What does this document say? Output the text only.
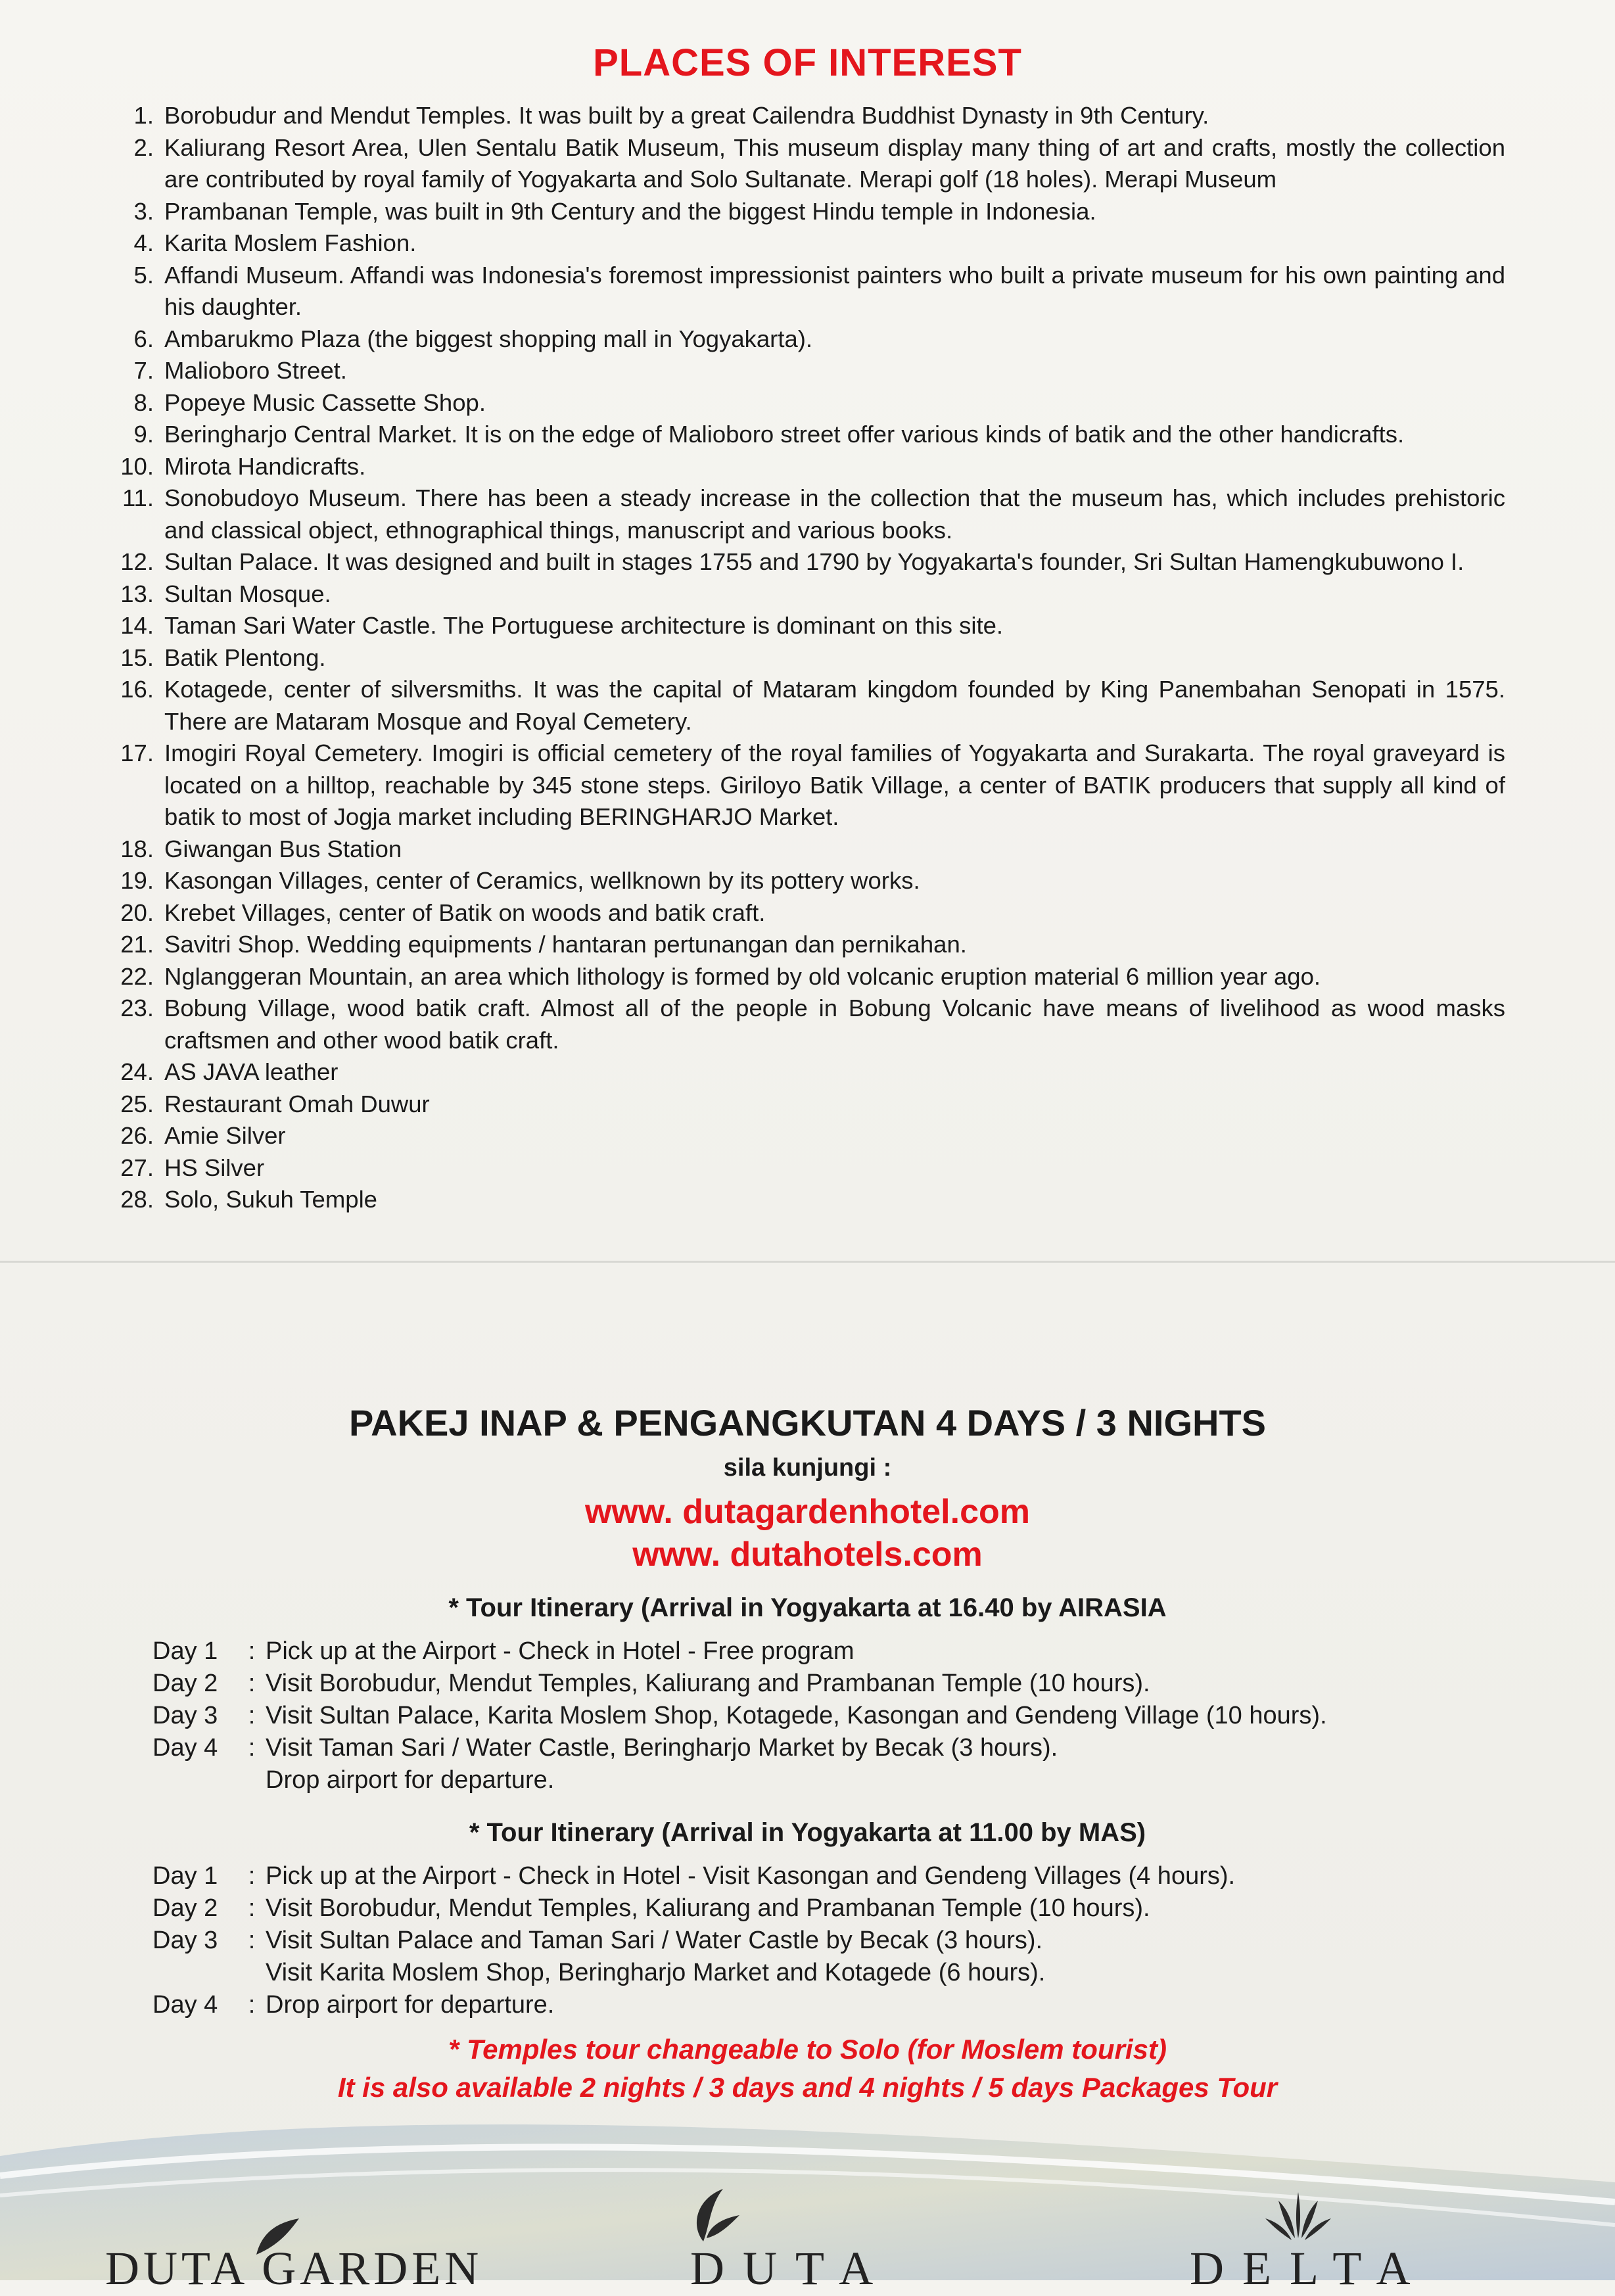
PLACES OF INTEREST
1. Borobudur and Mendut Temples. It was built by a great Cailendra Buddhist Dynasty in 9th Century.
2. Kaliurang Resort Area, Ulen Sentalu Batik Museum, This museum display many thing of art and crafts, mostly the collection are contributed by royal family of Yogyakarta and Solo Sultanate. Merapi golf (18 holes). Merapi Museum
3. Prambanan Temple, was built in 9th Century and the biggest Hindu temple in Indonesia.
4. Karita Moslem Fashion.
5. Affandi Museum. Affandi was Indonesia's foremost impressionist painters who built a private museum for his own painting and his daughter.
6. Ambarukmo Plaza (the biggest shopping mall in Yogyakarta).
7. Malioboro Street.
8. Popeye Music Cassette Shop.
9. Beringharjo Central Market. It is on the edge of Malioboro street offer various kinds of batik and the other handicrafts.
10. Mirota Handicrafts.
11. Sonobudoyo Museum. There has been a steady increase in the collection that the museum has, which includes prehistoric and classical object, ethnographical things, manuscript and various books.
12. Sultan Palace. It was designed and built in stages 1755 and 1790 by Yogyakarta's founder, Sri Sultan Hamengkubuwono I.
13. Sultan Mosque.
14. Taman Sari Water Castle. The Portuguese architecture is dominant on this site.
15. Batik Plentong.
16. Kotagede, center of silversmiths. It was the capital of Mataram kingdom founded by King Panembahan Senopati in 1575. There are Mataram Mosque and Royal Cemetery.
17. Imogiri Royal Cemetery. Imogiri is official cemetery of the royal families of Yogyakarta and Surakarta. The royal graveyard is located on a hilltop, reachable by 345 stone steps. Giriloyo Batik Village, a center of BATIK producers that supply all kind of batik to most of Jogja market including BERINGHARJO Market.
18. Giwangan Bus Station
19. Kasongan Villages, center of Ceramics, wellknown by its pottery works.
20. Krebet Villages, center of Batik on woods and batik craft.
21. Savitri Shop. Wedding equipments / hantaran pertunangan dan pernikahan.
22. Nglanggeran Mountain, an area which lithology is formed by old volcanic eruption material 6 million year ago.
23. Bobung Village, wood batik craft. Almost all of the people in Bobung Volcanic have means of livelihood as wood masks craftsmen and other wood batik craft.
24. AS JAVA leather
25. Restaurant Omah Duwur
26. Amie Silver
27. HS Silver
28. Solo, Sukuh Temple
PAKEJ INAP & PENGANGKUTAN 4 DAYS / 3 NIGHTS
sila kunjungi :
www. dutagardenhotel.com
www. dutahotels.com
* Tour Itinerary (Arrival in Yogyakarta at 16.40 by AIRASIA
Day 1	: Pick up at the Airport - Check in Hotel - Free program
Day 2	: Visit Borobudur, Mendut Temples, Kaliurang and Prambanan Temple (10 hours).
Day 3	: Visit Sultan Palace, Karita Moslem Shop, Kotagede, Kasongan and Gendeng Village (10 hours).
Day 4	: Visit Taman Sari / Water Castle, Beringharjo Market by Becak (3 hours).
Drop airport for departure.
* Tour Itinerary (Arrival in Yogyakarta at 11.00 by MAS)
Day 1	: Pick up at the Airport - Check in Hotel - Visit Kasongan and Gendeng Villages (4 hours).
Day 2	: Visit Borobudur, Mendut Temples, Kaliurang and Prambanan Temple (10 hours).
Day 3	: Visit Sultan Palace and Taman Sari / Water Castle by Becak (3 hours).
Visit Karita Moslem Shop, Beringharjo Market and Kotagede (6 hours).
Day 4	: Drop airport for departure.
* Temples tour changeable to Solo (for Moslem tourist)
It is also available 2 nights / 3 days and 4 nights / 5 days Packages Tour
DUTA GARDEN	DUTA	DELTA
